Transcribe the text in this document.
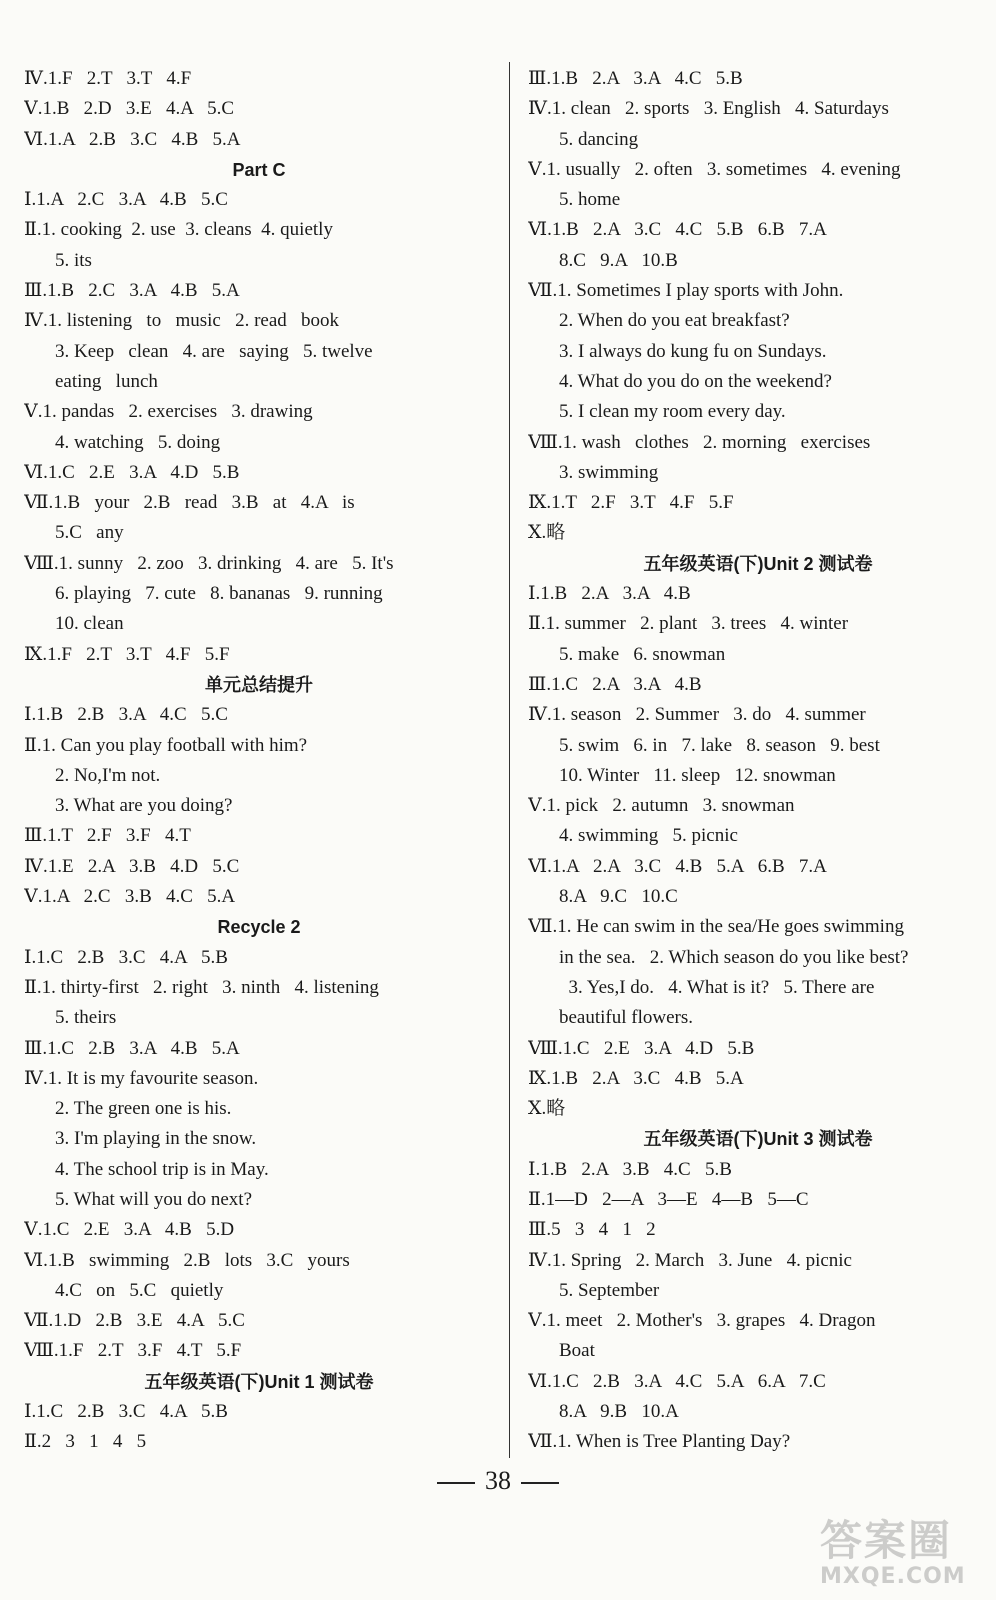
Ⅳ.1.F   2.T   3.T   4.F
Ⅴ.1.B   2.D   3.E   4.A   5.C
Ⅵ.1.A   2.B   3.C   4.B   5.A
Part C
Ⅰ.1.A   2.C   3.A   4.B   5.C
Ⅱ.1. cooking  2. use  3. cleans  4. quietly
5. its
Ⅲ.1.B   2.C   3.A   4.B   5.A
Ⅳ.1. listening   to   music   2. read   book
3. Keep   clean   4. are   saying   5. twelve
eating   lunch
Ⅴ.1. pandas   2. exercises   3. drawing
4. watching   5. doing
Ⅵ.1.C   2.E   3.A   4.D   5.B
Ⅶ.1.B   your   2.B   read   3.B   at   4.A   is
5.C   any
Ⅷ.1. sunny   2. zoo   3. drinking   4. are   5. It's
6. playing   7. cute   8. bananas   9. running
10. clean
Ⅸ.1.F   2.T   3.T   4.F   5.F
单元总结提升
Ⅰ.1.B   2.B   3.A   4.C   5.C
Ⅱ.1. Can you play football with him?
2. No,I'm not.
3. What are you doing?
Ⅲ.1.T   2.F   3.F   4.T
Ⅳ.1.E   2.A   3.B   4.D   5.C
Ⅴ.1.A   2.C   3.B   4.C   5.A
Recycle 2
Ⅰ.1.C   2.B   3.C   4.A   5.B
Ⅱ.1. thirty-first   2. right   3. ninth   4. listening
5. theirs
Ⅲ.1.C   2.B   3.A   4.B   5.A
Ⅳ.1. It is my favourite season.
2. The green one is his.
3. I'm playing in the snow.
4. The school trip is in May.
5. What will you do next?
Ⅴ.1.C   2.E   3.A   4.B   5.D
Ⅵ.1.B   swimming   2.B   lots   3.C   yours
4.C   on   5.C   quietly
Ⅶ.1.D   2.B   3.E   4.A   5.C
Ⅷ.1.F   2.T   3.F   4.T   5.F
五年级英语(下)Unit 1 测试卷
Ⅰ.1.C   2.B   3.C   4.A   5.B
Ⅱ.2   3   1   4   5
Ⅲ.1.B   2.A   3.A   4.C   5.B
Ⅳ.1. clean   2. sports   3. English   4. Saturdays
5. dancing
Ⅴ.1. usually   2. often   3. sometimes   4. evening
5. home
Ⅵ.1.B   2.A   3.C   4.C   5.B   6.B   7.A
8.C   9.A   10.B
Ⅶ.1. Sometimes I play sports with John.
2. When do you eat breakfast?
3. I always do kung fu on Sundays.
4. What do you do on the weekend?
5. I clean my room every day.
Ⅷ.1. wash   clothes   2. morning   exercises
3. swimming
Ⅸ.1.T   2.F   3.T   4.F   5.F
Ⅹ.略
五年级英语(下)Unit 2 测试卷
Ⅰ.1.B   2.A   3.A   4.B
Ⅱ.1. summer   2. plant   3. trees   4. winter
5. make   6. snowman
Ⅲ.1.C   2.A   3.A   4.B
Ⅳ.1. season   2. Summer   3. do   4. summer
5. swim   6. in   7. lake   8. season   9. best
10. Winter   11. sleep   12. snowman
Ⅴ.1. pick   2. autumn   3. snowman
4. swimming   5. picnic
Ⅵ.1.A   2.A   3.C   4.B   5.A   6.B   7.A
8.A   9.C   10.C
Ⅶ.1. He can swim in the sea/He goes swimming
in the sea.   2. Which season do you like best?
3. Yes,I do.   4. What is it?   5. There are
beautiful flowers.
Ⅷ.1.C   2.E   3.A   4.D   5.B
Ⅸ.1.B   2.A   3.C   4.B   5.A
Ⅹ.略
五年级英语(下)Unit 3 测试卷
Ⅰ.1.B   2.A   3.B   4.C   5.B
Ⅱ.1—D   2—A   3—E   4—B   5—C
Ⅲ.5   3   4   1   2
Ⅳ.1. Spring   2. March   3. June   4. picnic
5. September
Ⅴ.1. meet   2. Mother's   3. grapes   4. Dragon
Boat
Ⅵ.1.C   2.B   3.A   4.C   5.A   6.A   7.C
8.A   9.B   10.A
Ⅶ.1. When is Tree Planting Day?
38
答案圈
MXQE.COM
